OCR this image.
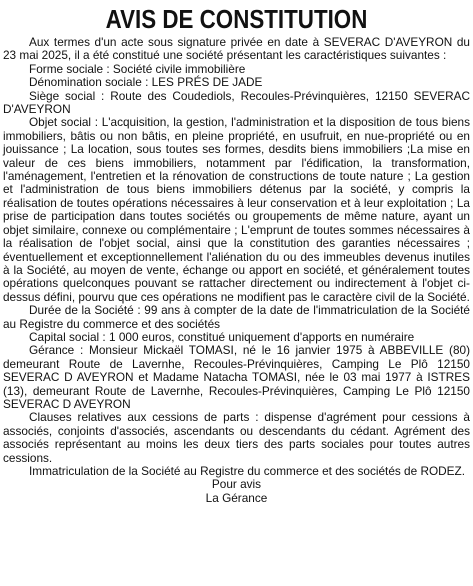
AVIS DE CONSTITUTION

Aux termes d'un acte sous signature privée en date à SEVERAC D'AVEYRON du 23 mai 2025, il a été constitué une société présentant les caractéristiques suivantes :

Forme sociale : Société civile immobilière

Dénomination sociale : LES PRÉS DE JADE

Siège social : Route des Coudediols, Recoules-Prévinquières, 12150 SEVERAC D'AVEYRON

Objet social : L'acquisition, la gestion, l'administration et la disposition de tous biens immobiliers, bâtis ou non bâtis, en pleine propriété, en usufruit, en nue-propriété ou en jouissance ; La location, sous toutes ses formes, desdits biens immobiliers ;La mise en valeur de ces biens immobiliers, notamment par l'édification, la transformation, l'aménagement, l'entretien et la rénovation de constructions de toute nature ; La gestion et l'administration de tous biens immobiliers détenus par la société, y compris la réalisation de toutes opérations nécessaires à leur conservation et à leur exploitation ; La prise de participation dans toutes sociétés ou groupements de même nature, ayant un objet similaire, connexe ou complémentaire ; L'emprunt de toutes sommes nécessaires à la réalisation de l'objet social, ainsi que la constitution des garanties nécessaires ; éventuellement et exceptionnellement l'aliénation du ou des immeubles devenus inutiles à la Société, au moyen de vente, échange ou apport en société, et généralement toutes opérations quelconques pouvant se rattacher directement ou indirectement à l'objet ci-dessus défini, pourvu que ces opérations ne modifient pas le caractère civil de la Société.

Durée de la Société : 99 ans à compter de la date de l'immatriculation de la Société au Registre du commerce et des sociétés

Capital social : 1 000 euros, constitué uniquement d'apports en numéraire

Gérance : Monsieur Mickaël TOMASI, né le 16 janvier 1975 à ABBEVILLE (80) demeurant Route de Lavernhe, Recoules-Prévinquières, Camping Le Plô 12150 SEVERAC D AVEYRON et Madame Natacha TOMASI, née le 03 mai 1977 à ISTRES (13), demeurant Route de Lavernhe, Recoules-Prévinquières, Camping Le Plô 12150 SEVERAC D AVEYRON

Clauses relatives aux cessions de parts : dispense d'agrément pour cessions à associés, conjoints d'associés, ascendants ou descendants du cédant. Agrément des associés représentant au moins les deux tiers des parts sociales pour toutes autres cessions.

Immatriculation de la Société au Registre du commerce et des sociétés de RODEZ.

Pour avis

La Gérance
